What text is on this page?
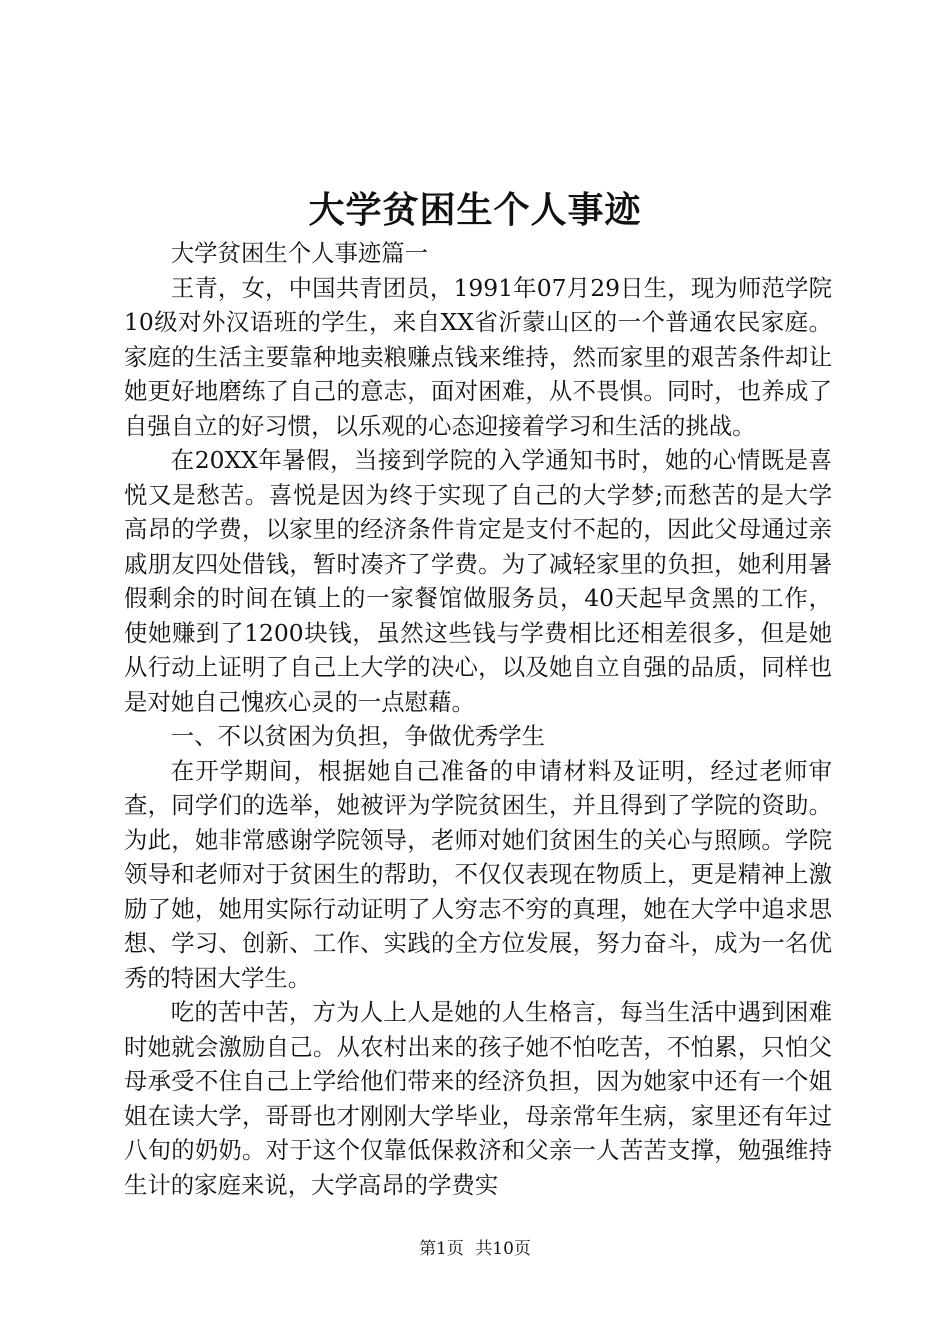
大学贫困生个人事迹

大学贫困生个人事迹篇一

王青，女，中国共青团员，1991年07月29日生，现为师范学院10级对外汉语班的学生，来自XX省沂蒙山区的一个普通农民家庭。家庭的生活主要靠种地卖粮赚点钱来维持，然而家里的艰苦条件却让她更好地磨练了自己的意志，面对困难，从不畏惧。同时，也养成了自强自立的好习惯，以乐观的心态迎接着学习和生活的挑战。

在20XX年暑假，当接到学院的入学通知书时，她的心情既是喜悦又是愁苦。喜悦是因为终于实现了自己的大学梦;而愁苦的是大学高昂的学费，以家里的经济条件肯定是支付不起的，因此父母通过亲戚朋友四处借钱，暂时凑齐了学费。为了减轻家里的负担，她利用暑假剩余的时间在镇上的一家餐馆做服务员，40天起早贪黑的工作，使她赚到了1200块钱，虽然这些钱与学费相比还相差很多，但是她从行动上证明了自己上大学的决心，以及她自立自强的品质，同样也是对她自己愧疚心灵的一点慰藉。

一、不以贫困为负担，争做优秀学生

在开学期间，根据她自己准备的申请材料及证明，经过老师审查，同学们的选举，她被评为学院贫困生，并且得到了学院的资助。为此，她非常感谢学院领导，老师对她们贫困生的关心与照顾。学院领导和老师对于贫困生的帮助，不仅仅表现在物质上，更是精神上激励了她，她用实际行动证明了人穷志不穷的真理，她在大学中追求思想、学习、创新、工作、实践的全方位发展，努力奋斗，成为一名优秀的特困大学生。

吃的苦中苦，方为人上人是她的人生格言，每当生活中遇到困难时她就会激励自己。从农村出来的孩子她不怕吃苦，不怕累，只怕父母承受不住自己上学给他们带来的经济负担，因为她家中还有一个姐姐在读大学，哥哥也才刚刚大学毕业，母亲常年生病，家里还有年过八旬的奶奶。对于这个仅靠低保救济和父亲一人苦苦支撑，勉强维持生计的家庭来说，大学高昂的学费实

第1页 共10页
